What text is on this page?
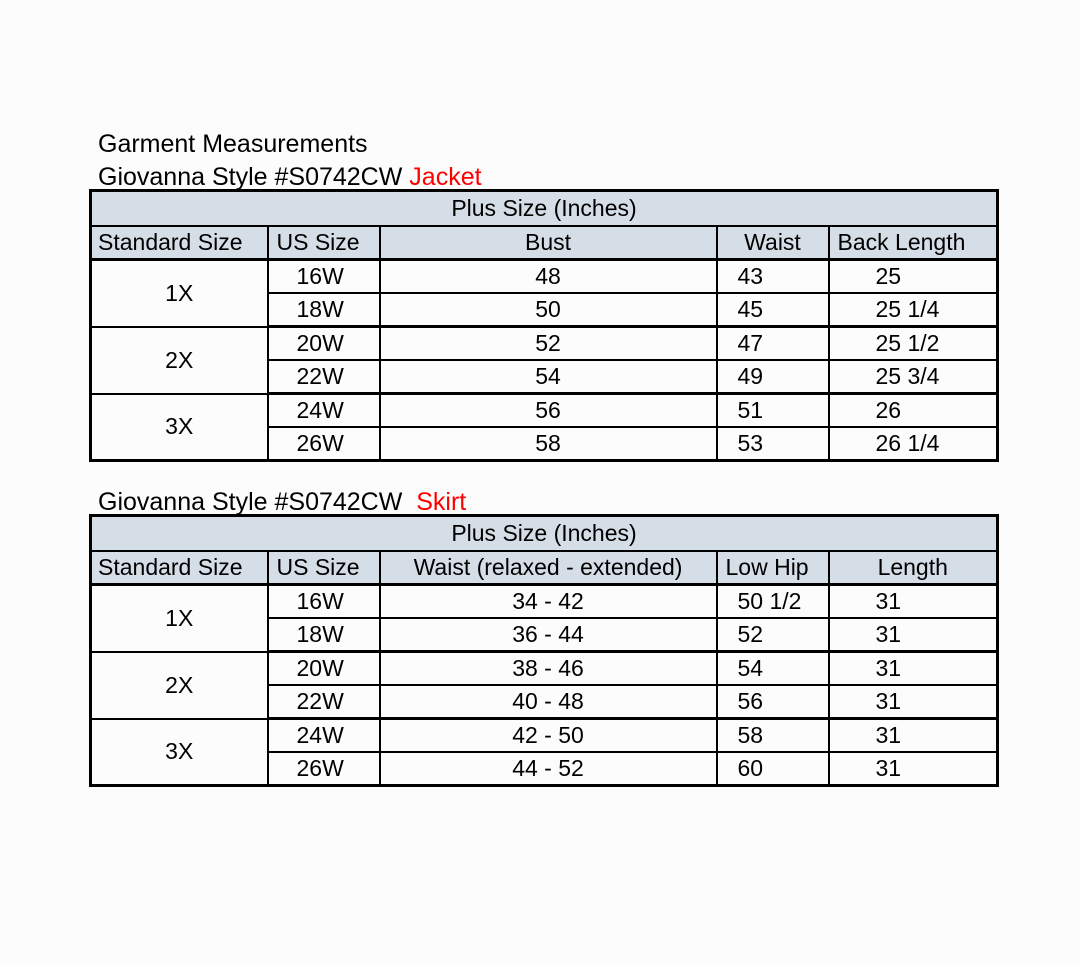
Garment Measurements
Giovanna Style #S0742CW Jacket
Plus Size (Inches)				
Standard Size	US Size	Bust	Waist	Back Length
1X	16W	48	43	25
	18W	50	45	25 1/4
2X	20W	52	47	25 1/2
	22W	54	49	25 3/4
3X	24W	56	51	26
	26W	58	53	26 1/4
Giovanna Style #S0742CW Skirt
Plus Size (Inches)				
Standard Size	US Size	Waist (relaxed - extended)	Low Hip	Length
1X	16W	34 - 42	50 1/2	31
	18W	36 - 44	52	31
2X	20W	38 - 46	54	31
	22W	40 - 48	56	31
3X	24W	42 - 50	58	31
	26W	44 - 52	60	31
